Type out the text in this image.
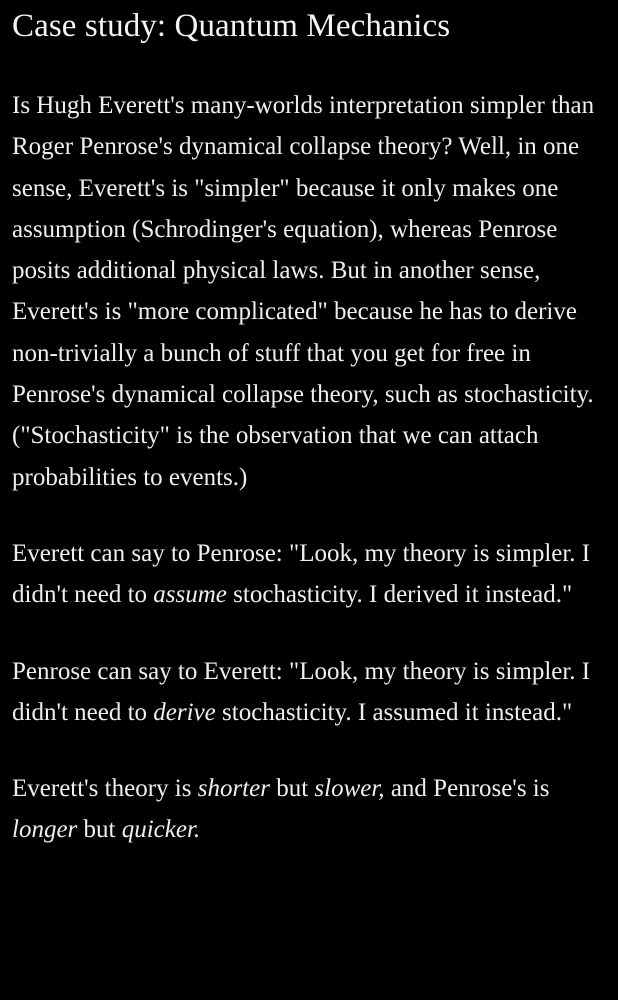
Case study: Quantum Mechanics

Is Hugh Everett's many-worlds interpretation simpler than Roger Penrose's dynamical collapse theory? Well, in one sense, Everett's is "simpler" because it only makes one assumption (Schrodinger's equation), whereas Penrose posits additional physical laws. But in another sense, Everett's is "more complicated" because he has to derive non-trivially a bunch of stuff that you get for free in Penrose's dynamical collapse theory, such as stochasticity. ("Stochasticity" is the observation that we can attach probabilities to events.)

Everett can say to Penrose: "Look, my theory is simpler. I didn't need to assume stochasticity. I derived it instead."

Penrose can say to Everett: "Look, my theory is simpler. I didn't need to derive stochasticity. I assumed it instead."

Everett's theory is shorter but slower, and Penrose's is longer but quicker.
